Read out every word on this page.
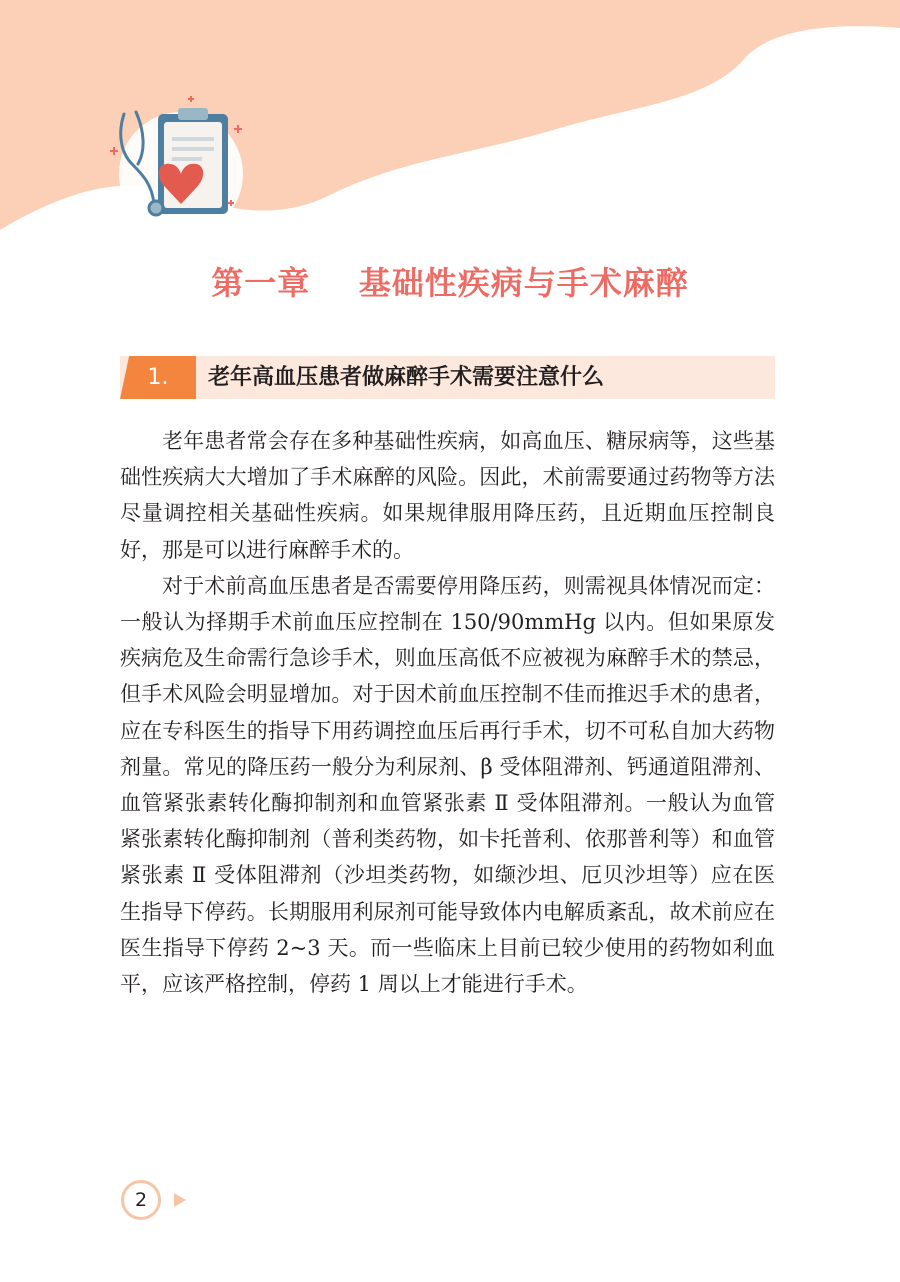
第一章    基础性疾病与手术麻醉
1.	老年高血压患者做麻醉手术需要注意什么

老年患者常会存在多种基础性疾病，如高血压、糖尿病等，这些基础性疾病大大增加了手术麻醉的风险。因此，术前需要通过药物等方法尽量调控相关基础性疾病。如果规律服用降压药，且近期血压控制良好，那是可以进行麻醉手术的。

对于术前高血压患者是否需要停用降压药，则需视具体情况而定：一般认为择期手术前血压应控制在 150/90mmHg 以内。但如果原发疾病危及生命需行急诊手术，则血压高低不应被视为麻醉手术的禁忌，但手术风险会明显增加。对于因术前血压控制不佳而推迟手术的患者，应在专科医生的指导下用药调控血压后再行手术，切不可私自加大药物剂量。常见的降压药一般分为利尿剂、β 受体阻滞剂、钙通道阻滞剂、血管紧张素转化酶抑制剂和血管紧张素 Ⅱ 受体阻滞剂。一般认为血管紧张素转化酶抑制剂（普利类药物，如卡托普利、依那普利等）和血管紧张素 Ⅱ 受体阻滞剂（沙坦类药物，如缬沙坦、厄贝沙坦等）应在医生指导下停药。长期服用利尿剂可能导致体内电解质紊乱，故术前应在医生指导下停药 2~3 天。而一些临床上目前已较少使用的药物如利血平，应该严格控制，停药 1 周以上才能进行手术。

2
